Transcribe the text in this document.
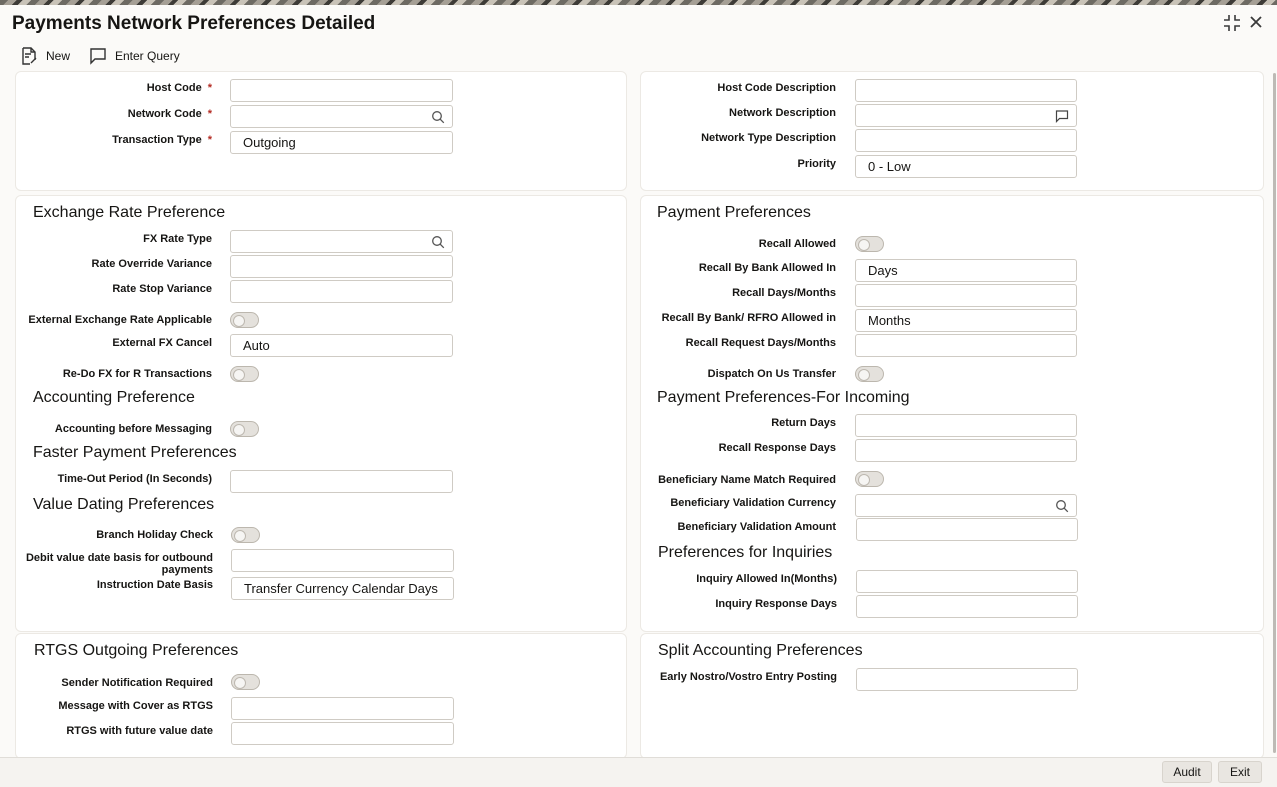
Payments Network Preferences Detailed
New	Enter Query
Host Code *
Network Code *
Transaction Type *	Outgoing
Host Code Description
Network Description
Network Type Description
Priority	0 - Low
Exchange Rate Preference
FX Rate Type
Rate Override Variance
Rate Stop Variance
External Exchange Rate Applicable
External FX Cancel	Auto
Re-Do FX for R Transactions
Accounting Preference
Accounting before Messaging
Faster Payment Preferences
Time-Out Period (In Seconds)
Value Dating Preferences
Branch Holiday Check
Debit value date basis for outbound
payments
Instruction Date Basis	Transfer Currency Calendar Days
Payment Preferences
Recall Allowed
Recall By Bank Allowed In	Days
Recall Days/Months
Recall By Bank/ RFRO Allowed in	Months
Recall Request Days/Months
Dispatch On Us Transfer
Payment Preferences-For Incoming
Return Days
Recall Response Days
Beneficiary Name Match Required
Beneficiary Validation Currency
Beneficiary Validation Amount
Preferences for Inquiries
Inquiry Allowed In(Months)
Inquiry Response Days
RTGS Outgoing Preferences
Sender Notification Required
Message with Cover as RTGS
RTGS with future value date
Split Accounting Preferences
Early Nostro/Vostro Entry Posting
Audit	Exit
